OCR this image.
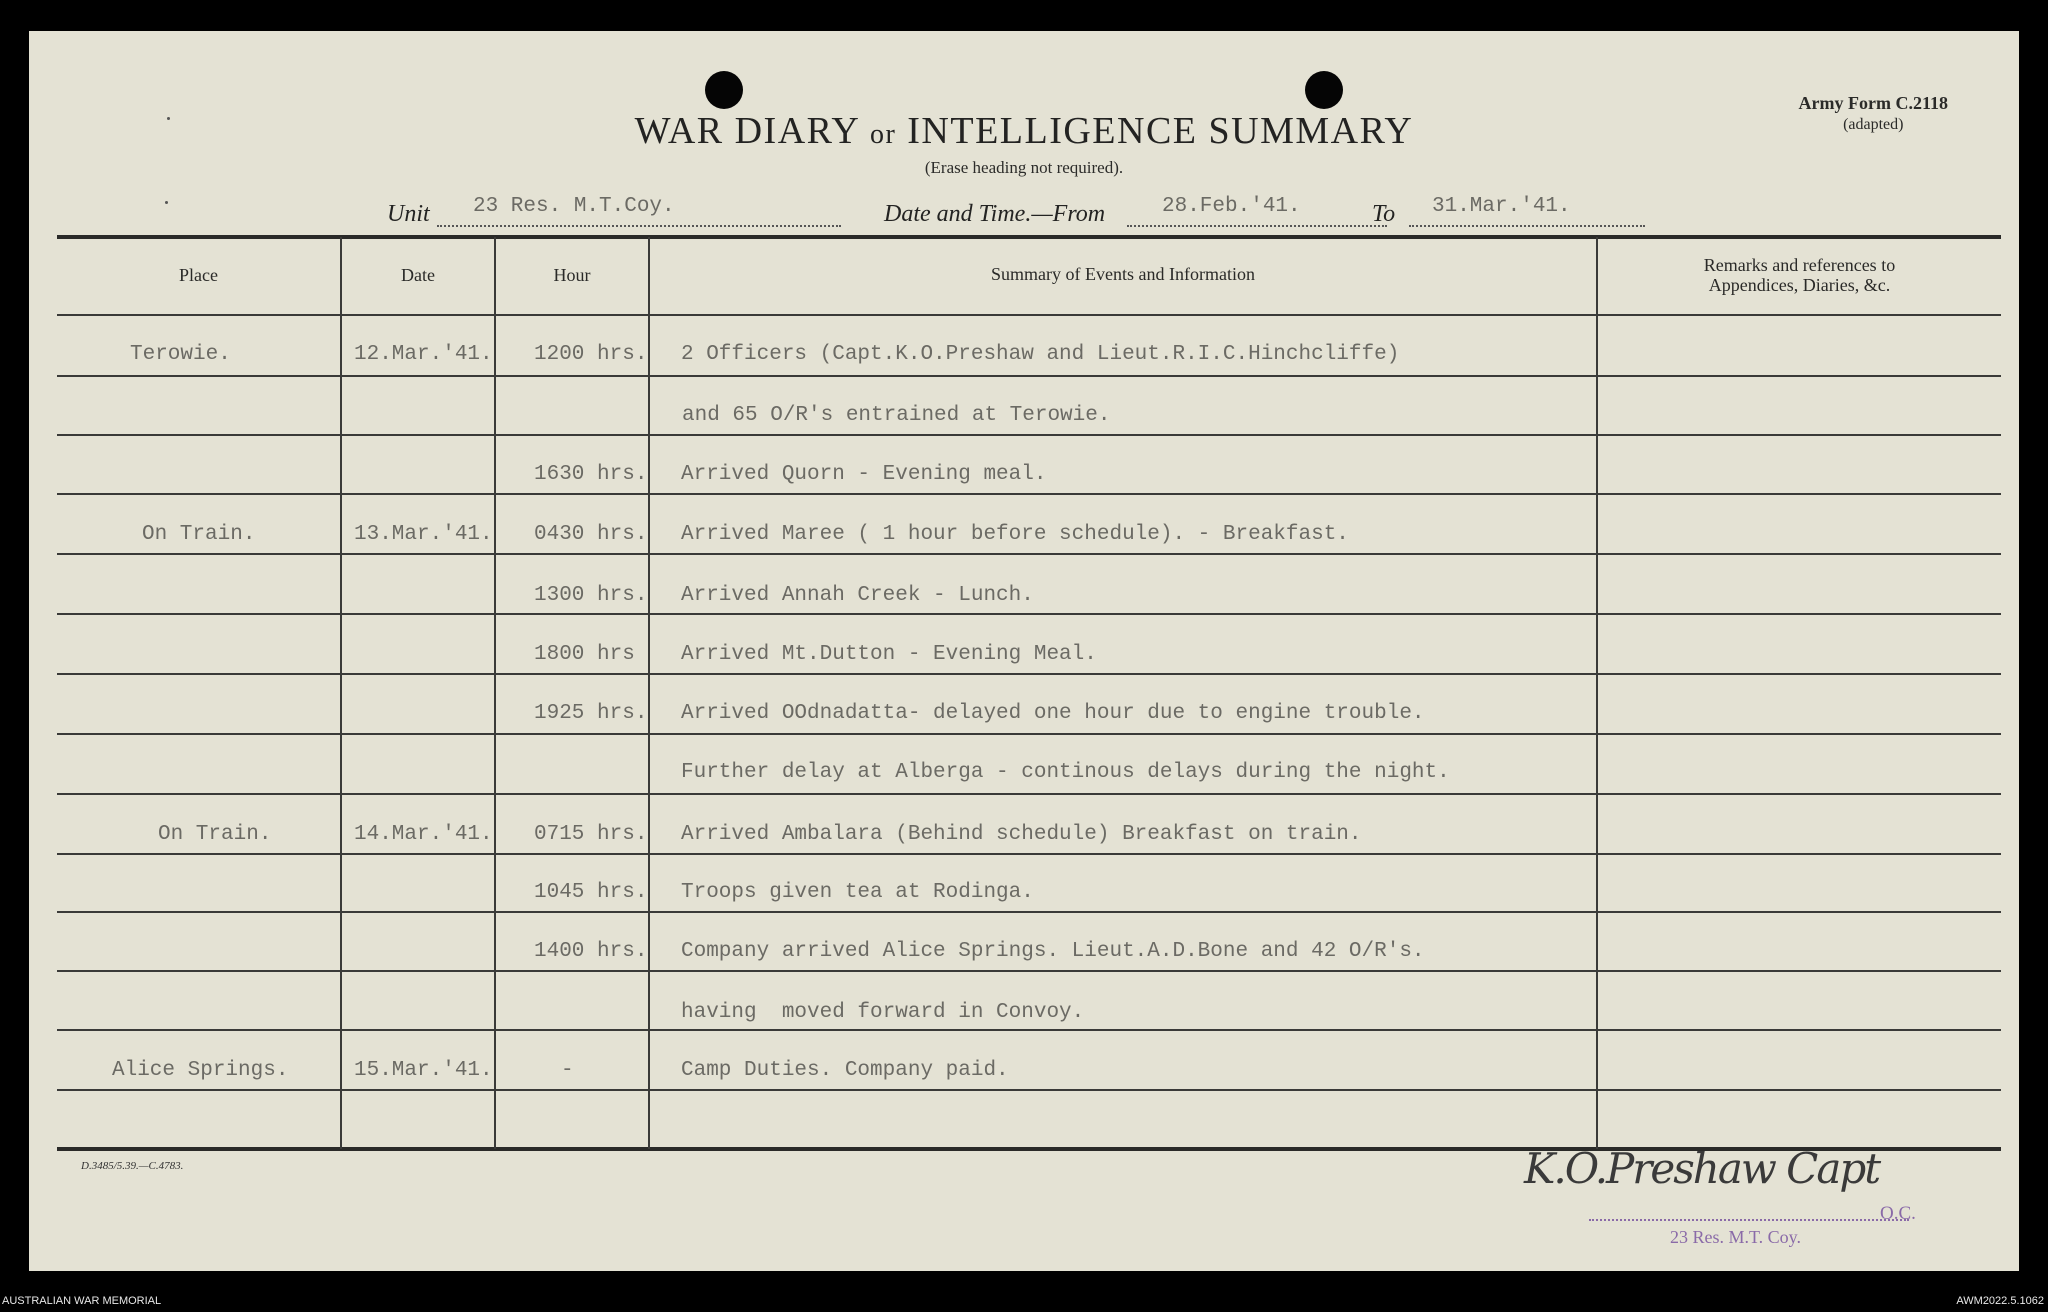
WAR DIARY or INTELLIGENCE SUMMARY
(Erase heading not required).
Army Form C.2118
(adapted)
Unit 23 Res. M.T.Coy.	Date and Time.—From	28.Feb.'41.	To 31.Mar.'41.
Place	Date	Hour	Summary of Events and Information	Remarks and references to
Appendices, Diaries, &c.
Terowie.	12.Mar.'41. 1200 hrs. 2 Officers (Capt.K.O.Preshaw and Lieut.R.I.C.Hinchcliffe)
and 65 O/R's entrained at Terowie.
1630 hrs. Arrived Quorn - Evening meal.
On Train.	13.Mar.'41. 0430 hrs. Arrived Maree ( 1 hour before schedule). - Breakfast.
1300 hrs. Arrived Annah Creek - Lunch.
1800 hrs Arrived Mt.Dutton - Evening Meal.
1925 hrs. Arrived OOdnadatta- delayed one hour due to engine trouble.
Further delay at Alberga - continous delays during the night.
On Train.	14.Mar.'41. 0715 hrs. Arrived Ambalara (Behind schedule) Breakfast on train.
1045 hrs. Troops given tea at Rodinga.
1400 hrs. Company arrived Alice Springs. Lieut.A.D.Bone and 42 O/R's.
having  moved forward in Convoy.
Alice Springs.	15.Mar.'41.	-	Camp Duties. Company paid.
D.3485/5.39.—C.4783.	K.O.Preshaw Capt
O.C.
23 Res. M.T. Coy.
AUSTRALIAN WAR MEMORIAL	AWM2022.5.1062
